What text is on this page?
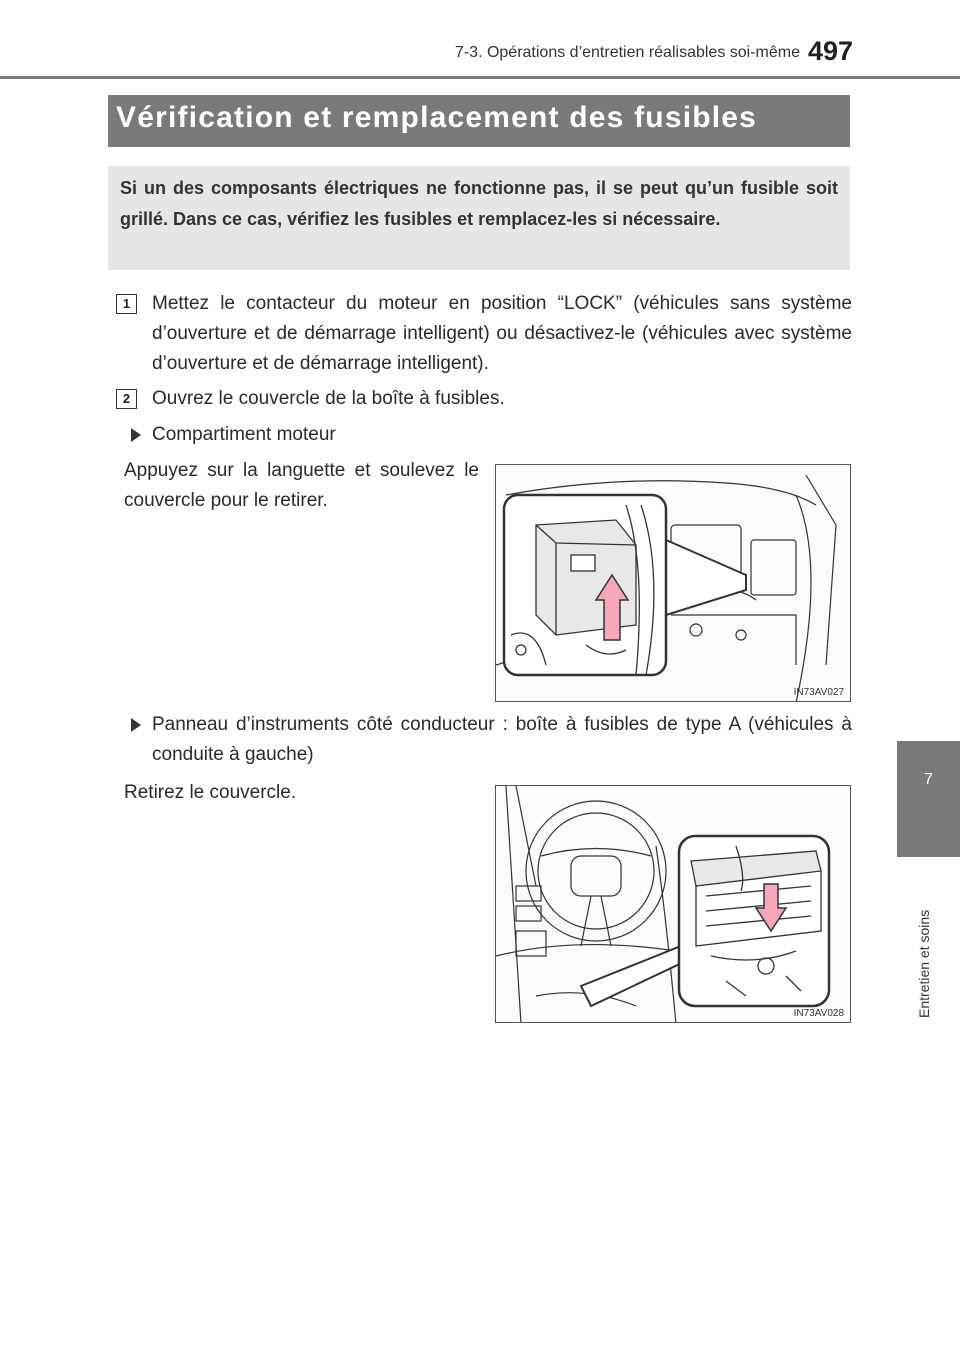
7-3. Opérations d’entretien réalisables soi-même 497
Vérification et remplacement des fusibles
Si un des composants électriques ne fonctionne pas, il se peut qu’un fusible soit grillé. Dans ce cas, vérifiez les fusibles et remplacez-les si nécessaire.
1	Mettez le contacteur du moteur en position “LOCK” (véhicules sans système d’ouverture et de démarrage intelligent) ou désactivez-le (véhicules avec système d’ouverture et de démarrage intelligent).
2	Ouvrez le couvercle de la boîte à fusibles.
Compartiment moteur
Appuyez sur la languette et soulevez le couvercle pour le retirer.
IN73AV027
Panneau d’instruments côté conducteur : boîte à fusibles de type A (véhicules à conduite à gauche)
Retirez le couvercle.
IN73AV028
7
Entretien et soins
